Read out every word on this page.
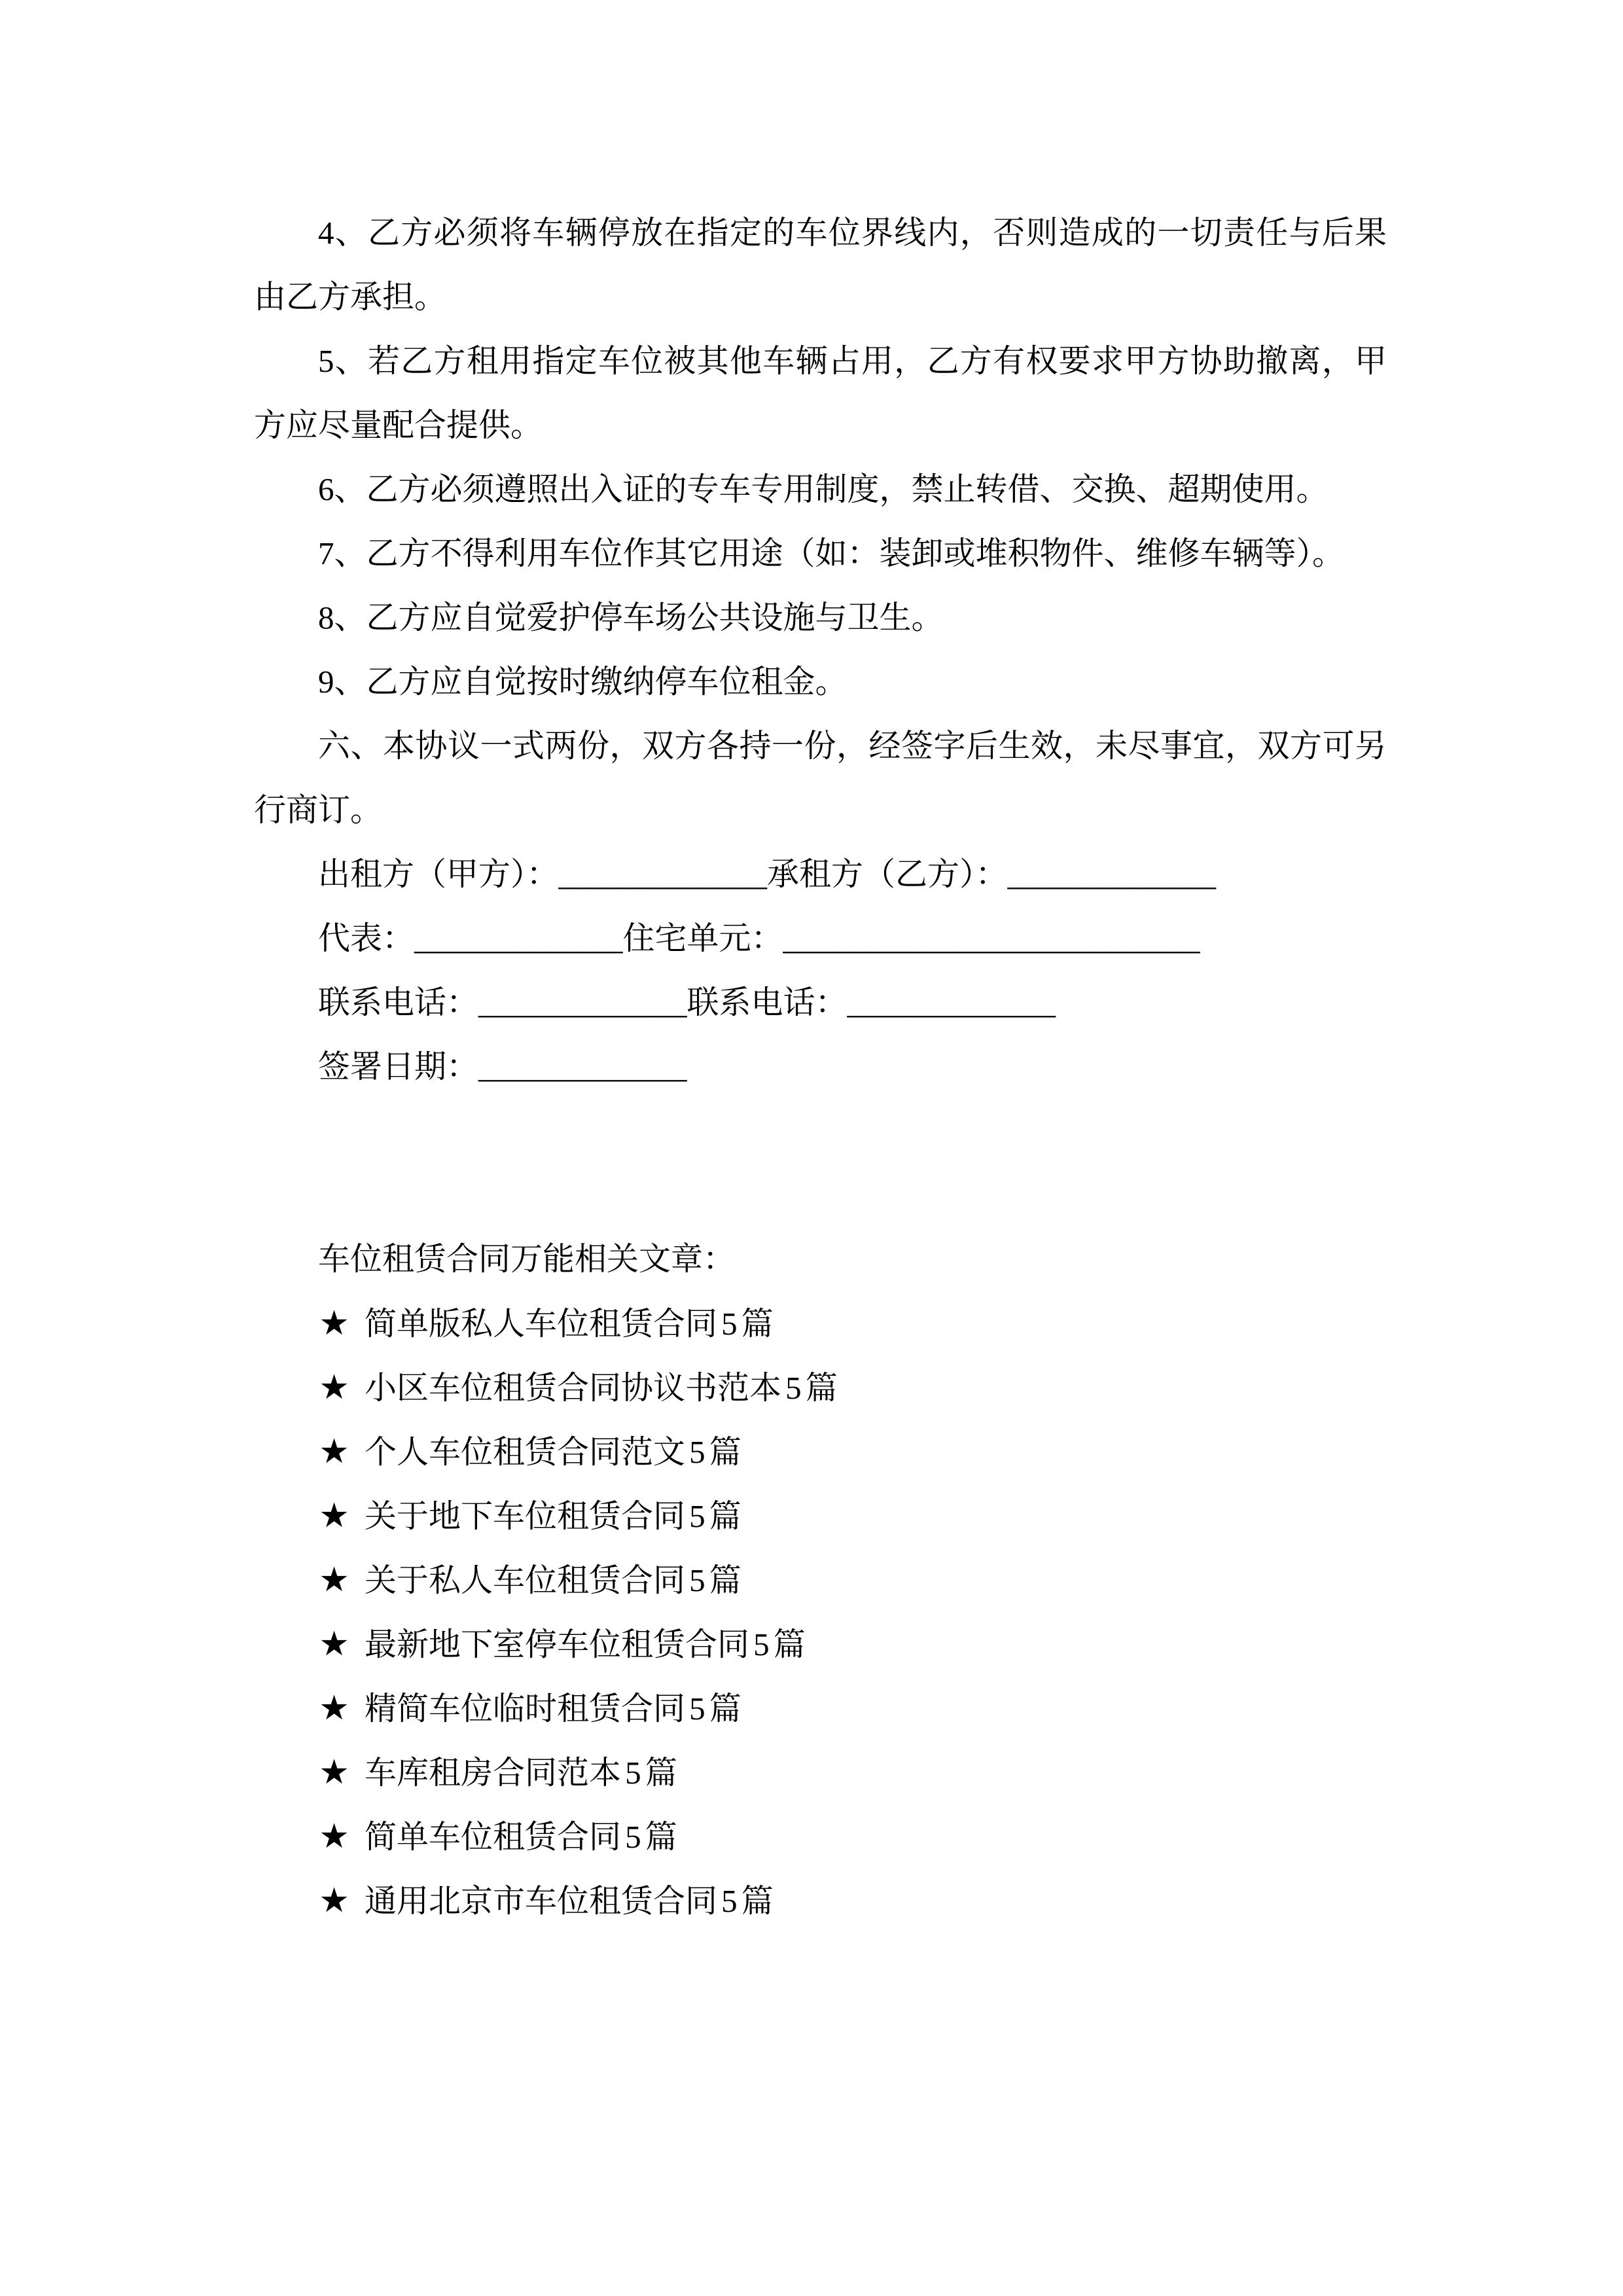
4、乙方必须将车辆停放在指定的车位界线内，否则造成的一切责任与后果
由乙方承担。
5、若乙方租用指定车位被其他车辆占用，乙方有权要求甲方协助撤离，甲
方应尽量配合提供。
6、乙方必须遵照出入证的专车专用制度，禁止转借、交换、超期使用。
7、乙方不得利用车位作其它用途（如：装卸或堆积物件、维修车辆等）。
8、乙方应自觉爱护停车场公共设施与卫生。
9、乙方应自觉按时缴纳停车位租金。
六、本协议一式两份，双方各持一份，经签字后生效，未尽事宜，双方可另
行商订。
出租方（甲方）：_____________承租方（乙方）：_____________
代表：_____________住宅单元：__________________________
联系电话：_____________联系电话：_____________
签署日期：_____________
车位租赁合同万能相关文章：
★ 简单版私人车位租赁合同5篇
★ 小区车位租赁合同协议书范本5篇
★ 个人车位租赁合同范文5篇
★ 关于地下车位租赁合同5篇
★ 关于私人车位租赁合同5篇
★ 最新地下室停车位租赁合同5篇
★ 精简车位临时租赁合同5篇
★ 车库租房合同范本5篇
★ 简单车位租赁合同5篇
★ 通用北京市车位租赁合同5篇
